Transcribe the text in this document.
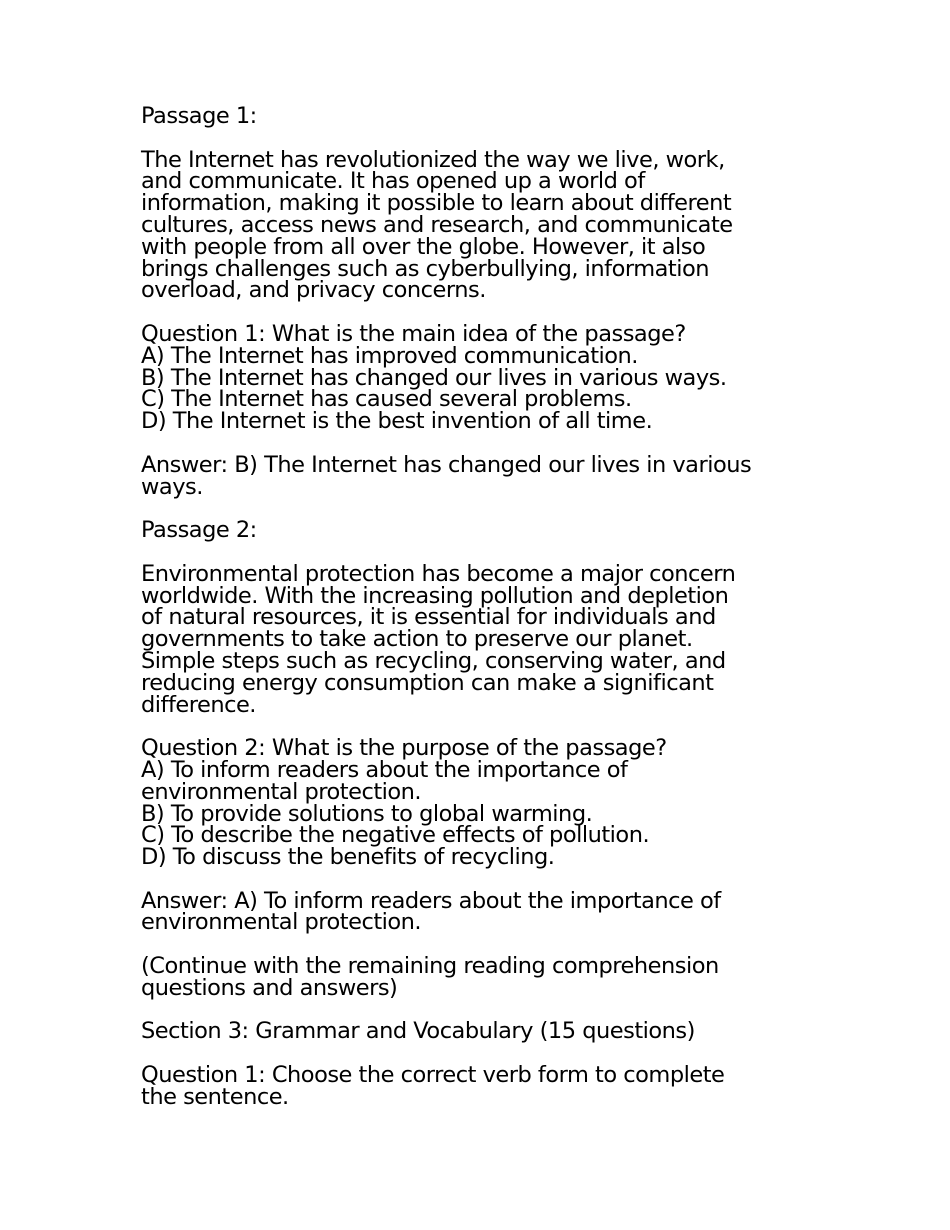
Passage 1:
The Internet has revolutionized the way we live, work,
and communicate. It has opened up a world of
information, making it possible to learn about different
cultures, access news and research, and communicate
with people from all over the globe. However, it also
brings challenges such as cyberbullying, information
overload, and privacy concerns.
Question 1: What is the main idea of the passage?
A) The Internet has improved communication.
B) The Internet has changed our lives in various ways.
C) The Internet has caused several problems.
D) The Internet is the best invention of all time.
Answer: B) The Internet has changed our lives in various
ways.
Passage 2:
Environmental protection has become a major concern
worldwide. With the increasing pollution and depletion
of natural resources, it is essential for individuals and
governments to take action to preserve our planet.
Simple steps such as recycling, conserving water, and
reducing energy consumption can make a significant
difference.
Question 2: What is the purpose of the passage?
A) To inform readers about the importance of
environmental protection.
B) To provide solutions to global warming.
C) To describe the negative effects of pollution.
D) To discuss the benefits of recycling.
Answer: A) To inform readers about the importance of
environmental protection.
(Continue with the remaining reading comprehension
questions and answers)
Section 3: Grammar and Vocabulary (15 questions)
Question 1: Choose the correct verb form to complete
the sentence.
